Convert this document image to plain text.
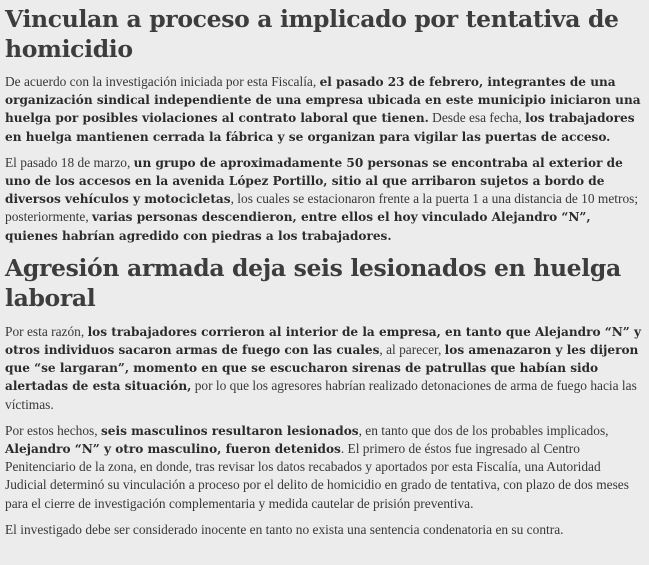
Vinculan a proceso a implicado por tentativa de homicidio

De acuerdo con la investigación iniciada por esta Fiscalía, el pasado 23 de febrero, integrantes de una organización sindical independiente de una empresa ubicada en este municipio iniciaron una huelga por posibles violaciones al contrato laboral que tienen. Desde esa fecha, los trabajadores en huelga mantienen cerrada la fábrica y se organizan para vigilar las puertas de acceso.

El pasado 18 de marzo, un grupo de aproximadamente 50 personas se encontraba al exterior de uno de los accesos en la avenida López Portillo, sitio al que arribaron sujetos a bordo de diversos vehículos y motocicletas, los cuales se estacionaron frente a la puerta 1 a una distancia de 10 metros; posteriormente, varias personas descendieron, entre ellos el hoy vinculado Alejandro “N”, quienes habrían agredido con piedras a los trabajadores.

Agresión armada deja seis lesionados en huelga laboral

Por esta razón, los trabajadores corrieron al interior de la empresa, en tanto que Alejandro “N” y otros individuos sacaron armas de fuego con las cuales, al parecer, los amenazaron y les dijeron que “se largaran”, momento en que se escucharon sirenas de patrullas que habían sido alertadas de esta situación, por lo que los agresores habrían realizado detonaciones de arma de fuego hacia las víctimas.

Por estos hechos, seis masculinos resultaron lesionados, en tanto que dos de los probables implicados, Alejandro “N” y otro masculino, fueron detenidos. El primero de éstos fue ingresado al Centro Penitenciario de la zona, en donde, tras revisar los datos recabados y aportados por esta Fiscalía, una Autoridad Judicial determinó su vinculación a proceso por el delito de homicidio en grado de tentativa, con plazo de dos meses para el cierre de investigación complementaria y medida cautelar de prisión preventiva.

El investigado debe ser considerado inocente en tanto no exista una sentencia condenatoria en su contra.
